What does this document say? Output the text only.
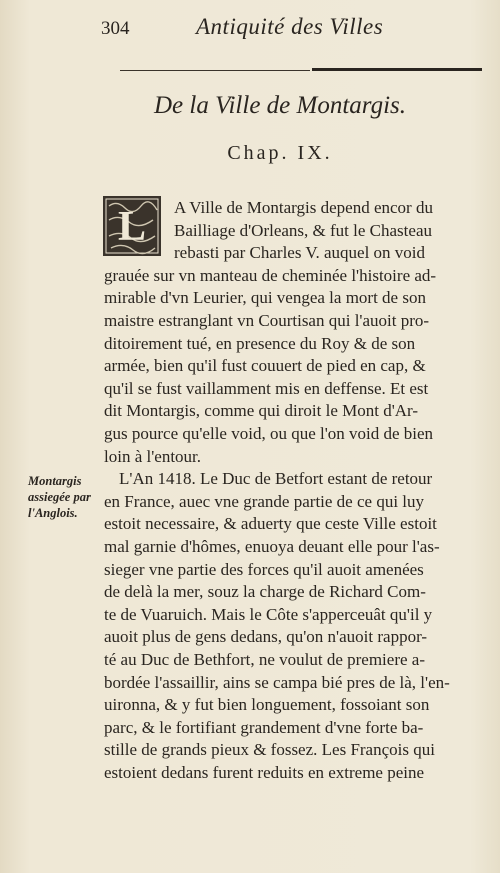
304	Antiquité des Villes
De la Ville de Montargis.
Chap. IX.
L A Ville de Montargis depend encor du
Bailliage d'Orleans, & fut le Chasteau
rebasti par Charles V. auquel on void
grauée sur vn manteau de cheminée l'histoire ad-
mirable d'vn Leurier, qui vengea la mort de son
maistre estranglant vn Courtisan qui l'auoit pro-
ditoirement tué, en presence du Roy & de son
armée, bien qu'il fust couuert de pied en cap, &
qu'il se fust vaillamment mis en deffense. Et est
dit Montargis, comme qui diroit le Mont d'Ar-
gus pource qu'elle void, ou que l'on void de bien
loin à l'entour.
L'An 1418. Le Duc de Betfort estant de retour
en France, auec vne grande partie de ce qui luy
estoit necessaire, & aduerty que ceste Ville estoit
mal garnie d'hômes, enuoya deuant elle pour l'as-
sieger vne partie des forces qu'il auoit amenées
de delà la mer, souz la charge de Richard Com-
te de Vuaruich. Mais le Côte s'apperceuât qu'il y
auoit plus de gens dedans, qu'on n'auoit rappor-
té au Duc de Bethfort, ne voulut de premiere a-
bordée l'assaillir, ains se campa bié pres de là, l'en-
uironna, & y fut bien longuement, fossoiant son
parc, & le fortifiant grandement d'vne forte ba-
stille de grands pieux & fossez. Les François qui
estoient dedans furent reduits en extreme peine
Montargis
assiegée par
l'Anglois.
